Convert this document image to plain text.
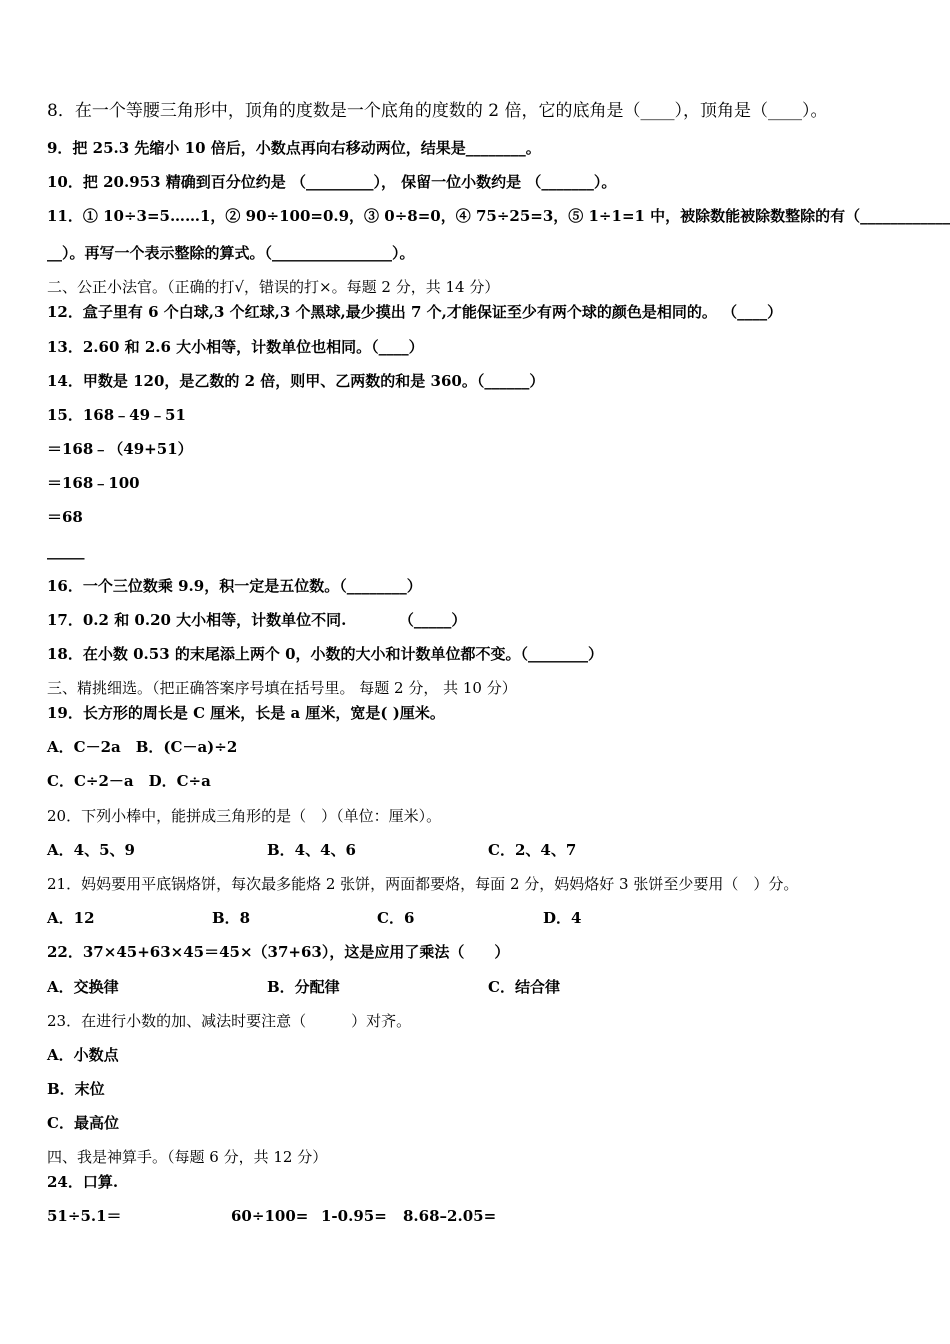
8．在一个等腰三角形中，顶角的度数是一个底角的度数的 2 倍，它的底角是（____），顶角是（____）。
9．把 25.3 先缩小 10 倍后，小数点再向右移动两位，结果是________。
10．把 20.953 精确到百分位约是 （_________）， 保留一位小数约是 （_______）。
11．① 10÷3=5……1，② 90÷100=0.9，③ 0÷8=0，④ 75÷25=3，⑤ 1÷1=1 中，被除数能被除数整除的有（____________
__）。再写一个表示整除的算式。（________________）。
二、公正小法官。（正确的打√，错误的打×。每题 2 分，共 14 分）
12．盒子里有 6 个白球,3 个红球,3 个黑球,最少摸出 7 个,才能保证至少有两个球的颜色是相同的。 （____）
13．2.60 和 2.6 大小相等，计数单位也相同。（____）
14．甲数是 120，是乙数的 2 倍，则甲、乙两数的和是 360。（______）
15．168﹣49﹣51
＝168﹣（49+51）
＝168﹣100
＝68
_____
16．一个三位数乘 9.9，积一定是五位数。（________）
17．0.2 和 0.20 大小相等，计数单位不同.　　　　（_____）
18．在小数 0.53 的末尾添上两个 0，小数的大小和计数单位都不变。（________）
三、精挑细选。（把正确答案序号填在括号里。 每题 2 分， 共 10 分）
19．长方形的周长是 C 厘米，长是 a 厘米，宽是( )厘米。
A．C－2a　B．(C－a)÷2
C．C÷2－a　D．C÷a
20．下列小棒中，能拼成三角形的是（　）（单位：厘米）。
A．4、5、9	B．4、4、6	C．2、4、7
21．妈妈要用平底锅烙饼，每次最多能烙 2 张饼，两面都要烙，每面 2 分，妈妈烙好 3 张饼至少要用（　）分。
A．12	B．8	C．6	D．4
22．37×45+63×45＝45×（37+63），这是应用了乘法（　　）
A．交换律	B．分配律	C．结合律
23．在进行小数的加、减法时要注意（　　　）对齐。
A．小数点
B．末位
C．最高位
四、我是神算手。（每题 6 分，共 12 分）
24．口算.
51÷5.1＝	60÷100= 1-0.95= 8.68–2.05=
